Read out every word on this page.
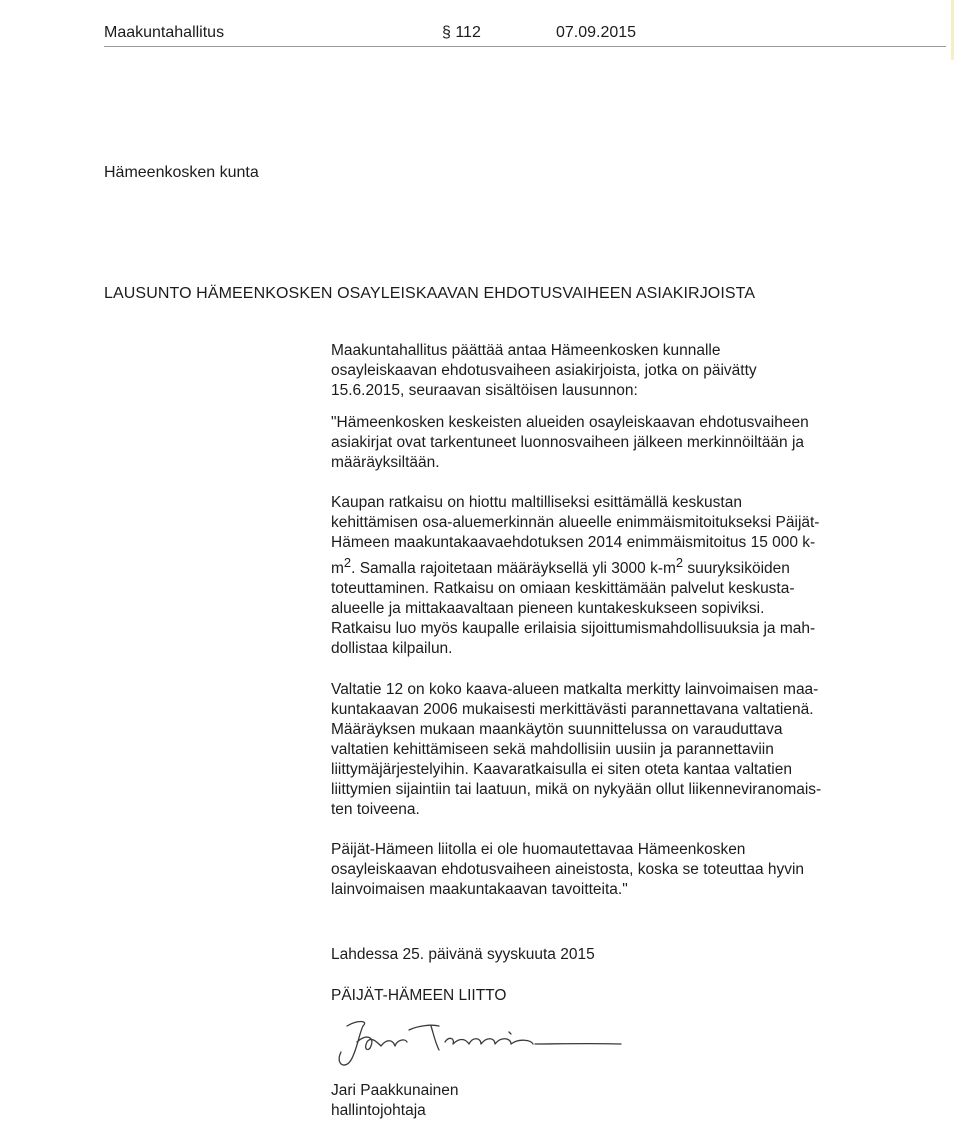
Maakuntahallitus	§ 112	07.09.2015
Hämeenkosken kunta
LAUSUNTO HÄMEENKOSKEN OSAYLEISKAAVAN EHDOTUSVAIHEEN ASIAKIRJOISTA

Maakuntahallitus päättää antaa Hämeenkosken kunnalle
osayleiskaavan ehdotusvaiheen asiakirjoista, jotka on päivätty
15.6.2015, seuraavan sisältöisen lausunnon:

"Hämeenkosken keskeisten alueiden osayleiskaavan ehdotusvaiheen
asiakirjat ovat tarkentuneet luonnosvaiheen jälkeen merkinnöiltään ja
määräyksiltään.

Kaupan ratkaisu on hiottu maltilliseksi esittämällä keskustan
kehittämisen osa-aluemerkinnän alueelle enimmäismitoitukseksi Päijät-
Hämeen maakuntakaavaehdotuksen 2014 enimmäismitoitus 15 000 k-
$m^2$. Samalla rajoitetaan määräyksellä yli 3000 $k-m^2$ suuryksiköiden
toteuttaminen. Ratkaisu on omiaan keskittämään palvelut keskusta-
alueelle ja mittakaavaltaan pieneen kuntakeskukseen sopiviksi.
Ratkaisu luo myös kaupalle erilaisia sijoittumismahdollisuuksia ja mah-
dollistaa kilpailun.

Valtatie 12 on koko kaava-alueen matkalta merkitty lainvoimaisen maa-
kuntakaavan 2006 mukaisesti merkittävästi parannettavana valtatienä.
Määräyksen mukaan maankäytön suunnittelussa on varauduttava
valtatien kehittämiseen sekä mahdollisiin uusiin ja parannettaviin
liittymäjärjestelyihin. Kaavaratkaisulla ei siten oteta kantaa valtatien
liittymien sijaintiin tai laatuun, mikä on nykyään ollut liikenneviranomais-
ten toiveena.

Päijät-Hämeen liitolla ei ole huomautettavaa Hämeenkosken
osayleiskaavan ehdotusvaiheen aineistosta, koska se toteuttaa hyvin
lainvoimaisen maakuntakaavan tavoitteita."

Lahdessa 25. päivänä syyskuuta 2015
PÄIJÄT-HÄMEEN LIITTO
Jari Paakkunainen
hallintojohtaja
